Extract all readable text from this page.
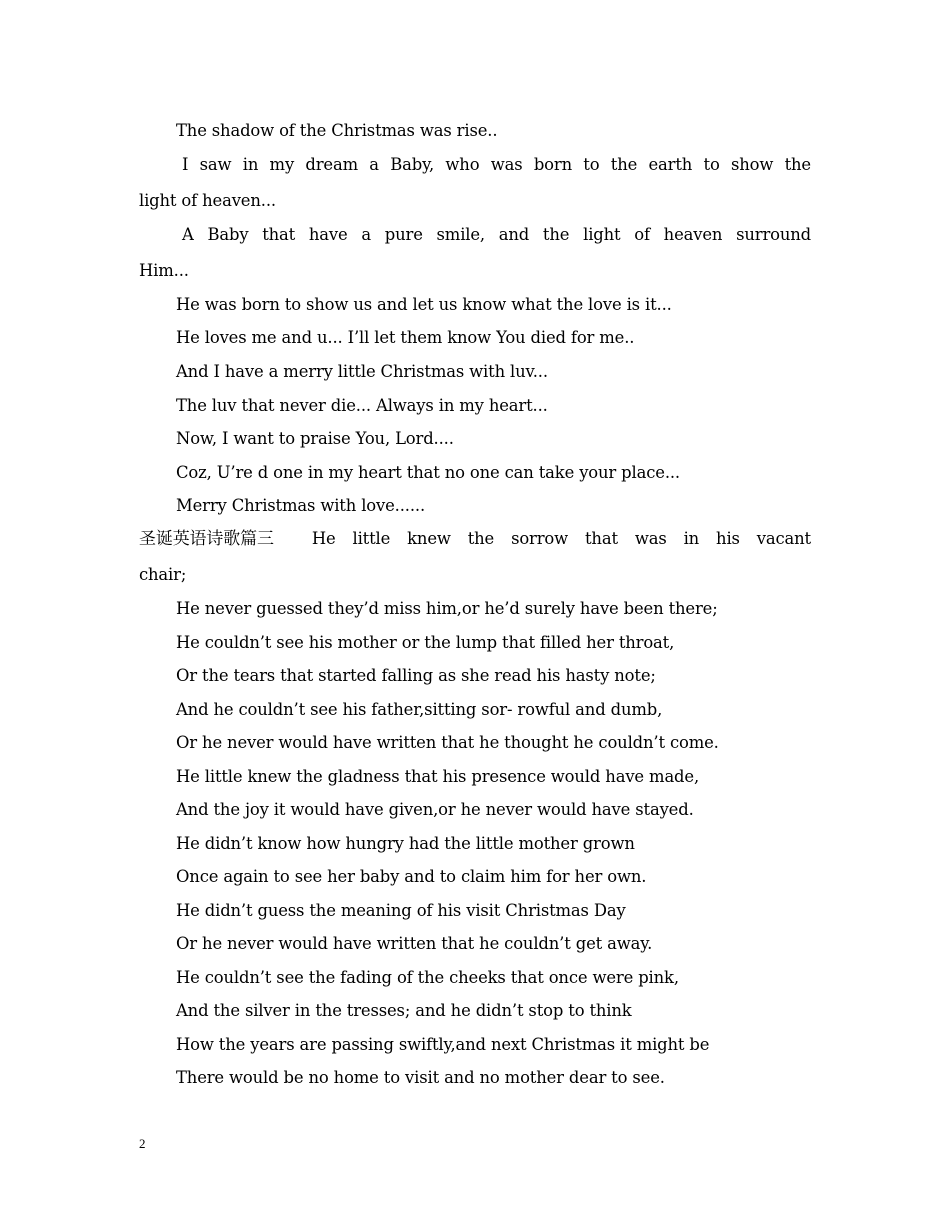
The shadow of the Christmas was rise..
I saw in my dream a Baby, who was born to the earth to show the
light of heaven...
A Baby that have a pure smile, and the light of heaven surround
Him...
He was born to show us and let us know what the love is it...
He loves me and u... I’ll let them know You died for me..
And I have a merry little Christmas with luv...
The luv that never die... Always in my heart...
Now, I want to praise You, Lord....
Coz, U’re d one in my heart that no one can take your place...
Merry Christmas with love......
圣诞英语诗歌篇三 He little knew the sorrow that was in his vacant
chair;
He never guessed they’d miss him,or he’d surely have been there;
He couldn’t see his mother or the lump that filled her throat,
Or the tears that started falling as she read his hasty note;
And he couldn’t see his father,sitting sor- rowful and dumb,
Or he never would have written that he thought he couldn’t come.
He little knew the gladness that his presence would have made,
And the joy it would have given,or he never would have stayed.
He didn’t know how hungry had the little mother grown
Once again to see her baby and to claim him for her own.
He didn’t guess the meaning of his visit Christmas Day
Or he never would have written that he couldn’t get away.
He couldn’t see the fading of the cheeks that once were pink,
And the silver in the tresses; and he didn’t stop to think
How the years are passing swiftly,and next Christmas it might be
There would be no home to visit and no mother dear to see.
2
